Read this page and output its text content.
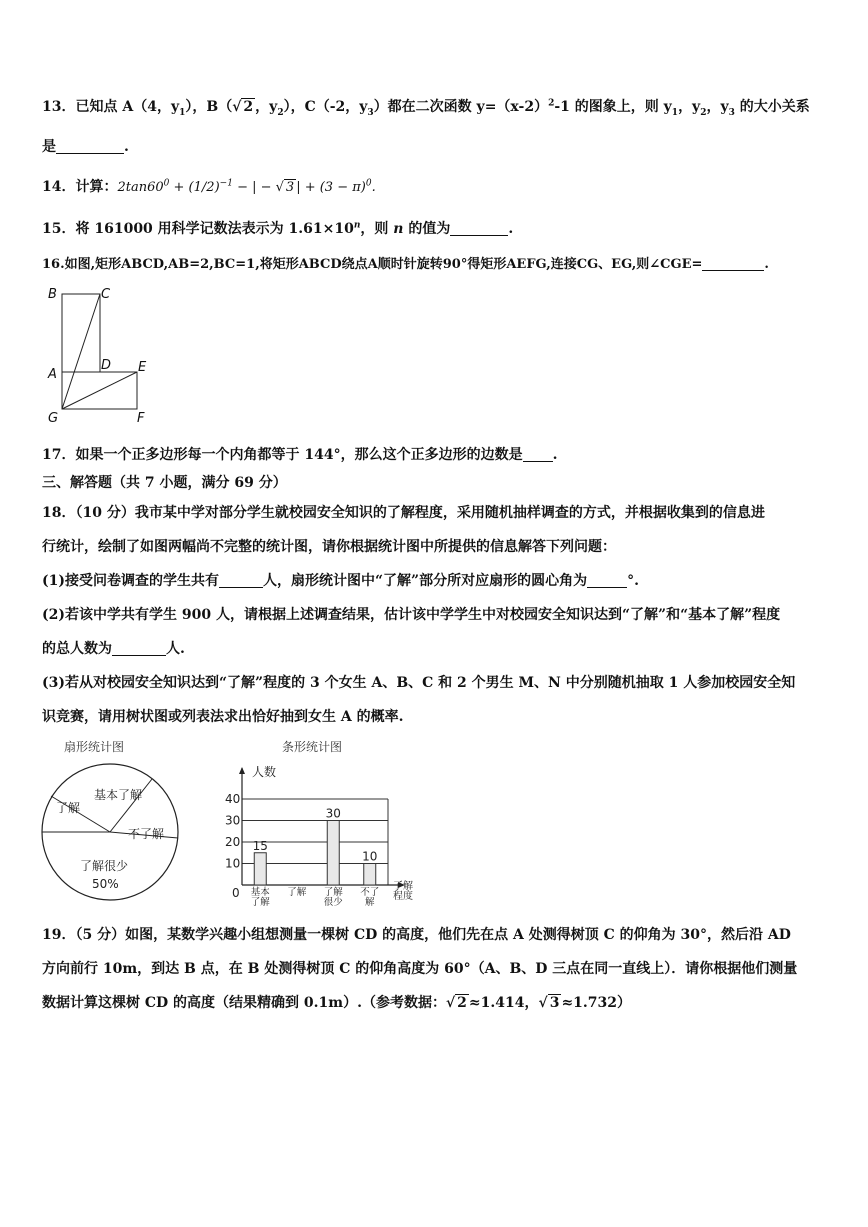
13．已知点 A（4，$y_1$），B（√ 2 ，$y_2$），C（-2，$y_3$）都在二次函数 $y=(x-2)^2-1$ 的图象上，则 $y_1$，$y_2$，$y_3$ 的大小关系
是	.
14．计算：$2\tan 60^0 + (1/2)^{-1}$ − | − √ 3 | + $(3 - \pi)^0$.
15．将 161000 用科学记数法表示为 $1.61\times 10^n$，则 n 的值为	.
16.如图,矩形ABCD,AB=2,BC=1,将矩形ABCD绕点A顺时针旋转90°得矩形AEFG,连接CG、EG,则∠CGE=	.
B	C
A
D E
G	F
17．如果一个正多边形每一个内角都等于 144°，那么这个正多边形的边数是 .
三、解答题（共 7 小题，满分 69 分）
18．（10 分）我市某中学对部分学生就校园安全知识的了解程度，采用随机抽样调查的方式，并根据收集到的信息进
行统计，绘制了如图两幅尚不完整的统计图，请你根据统计图中所提供的信息解答下列问题：
(1)接受问卷调查的学生共有	人，扇形统计图中“了解”部分所对应扇形的圆心角为	°.
(2)若该中学共有学生 900 人，请根据上述调查结果，估计该中学学生中对校园安全知识达到“了解”和“基本了解”程度
的总人数为	人.
(3)若从对校园安全知识达到“了解”程度的 3 个女生 A、B、C 和 2 个男生 M、N 中分别随机抽取 1 人参加校园安全知
识竞赛，请用树状图或列表法求出恰好抽到女生 A 的概率.
扇形统计图
基本了解
了解
不了解
了解很少
50%
条形统计图
人数
0
10
20
30
40
15
30
10
基本
了解
了解 了解
很少
不了
解
了解
程度
19．（5 分）如图，某数学兴趣小组想测量一棵树 CD 的高度，他们先在点 A 处测得树顶 C 的仰角为 30°，然后沿 AD
方向前行 10m，到达 B 点，在 B 处测得树顶 C 的仰角高度为 60°（A、B、D 三点在同一直线上）．请你根据他们测量
数据计算这棵树 CD 的高度（结果精确到 0.1m）.（参考数据：√ 2 ≈1.414，√ 3 ≈1.732）
